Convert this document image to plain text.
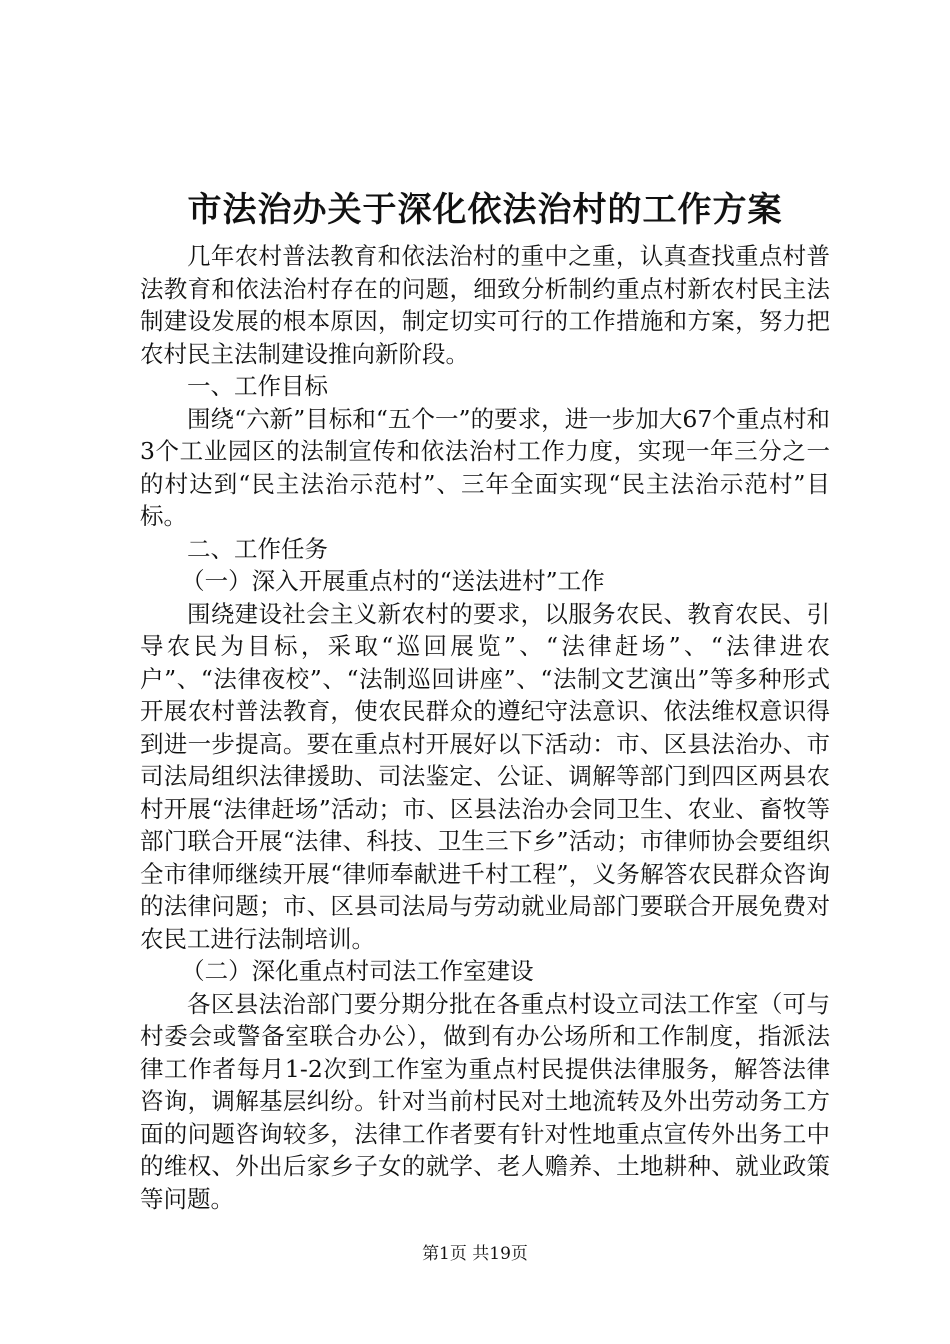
市法治办关于深化依法治村的工作方案

几年农村普法教育和依法治村的重中之重，认真查找重点村普法教育和依法治村存在的问题，细致分析制约重点村新农村民主法制建设发展的根本原因，制定切实可行的工作措施和方案，努力把农村民主法制建设推向新阶段。

一、工作目标

围绕“六新”目标和“五个一”的要求，进一步加大67个重点村和3个工业园区的法制宣传和依法治村工作力度，实现一年三分之一的村达到“民主法治示范村”、三年全面实现“民主法治示范村”目标。

二、工作任务

（一）深入开展重点村的“送法进村”工作

围绕建设社会主义新农村的要求，以服务农民、教育农民、引导农民为目标，采取“巡回展览”、“法律赶场”、“法律进农户”、“法律夜校”、“法制巡回讲座”、“法制文艺演出”等多种形式开展农村普法教育，使农民群众的遵纪守法意识、依法维权意识得到进一步提高。要在重点村开展好以下活动：市、区县法治办、市司法局组织法律援助、司法鉴定、公证、调解等部门到四区两县农村开展“法律赶场”活动；市、区县法治办会同卫生、农业、畜牧等部门联合开展“法律、科技、卫生三下乡”活动；市律师协会要组织全市律师继续开展“律师奉献进千村工程”，义务解答农民群众咨询的法律问题；市、区县司法局与劳动就业局部门要联合开展免费对农民工进行法制培训。

（二）深化重点村司法工作室建设

各区县法治部门要分期分批在各重点村设立司法工作室（可与村委会或警备室联合办公），做到有办公场所和工作制度，指派法律工作者每月1-2次到工作室为重点村民提供法律服务，解答法律咨询，调解基层纠纷。针对当前村民对土地流转及外出劳动务工方面的问题咨询较多，法律工作者要有针对性地重点宣传外出务工中的维权、外出后家乡子女的就学、老人赡养、土地耕种、就业政策等问题。

第1页 共19页
